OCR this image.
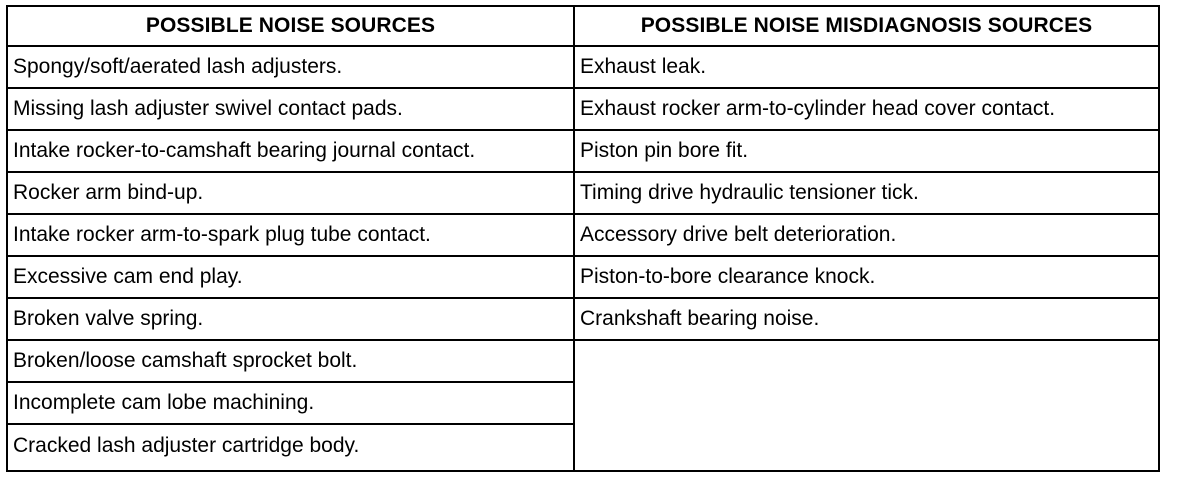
POSSIBLE NOISE SOURCES
Spongy/soft/aerated lash adjusters.
Missing lash adjuster swivel contact pads.
Intake rocker-to-camshaft bearing journal contact.
Rocker arm bind-up.
Intake rocker arm-to-spark plug tube contact.
Excessive cam end play.
Broken valve spring.
Broken/loose camshaft sprocket bolt.
Incomplete cam lobe machining.
Cracked lash adjuster cartridge body.
POSSIBLE NOISE MISDIAGNOSIS SOURCES
Exhaust leak.
Exhaust rocker arm-to-cylinder head cover contact.
Piston pin bore fit.
Timing drive hydraulic tensioner tick.
Accessory drive belt deterioration.
Piston-to-bore clearance knock.
Crankshaft bearing noise.
